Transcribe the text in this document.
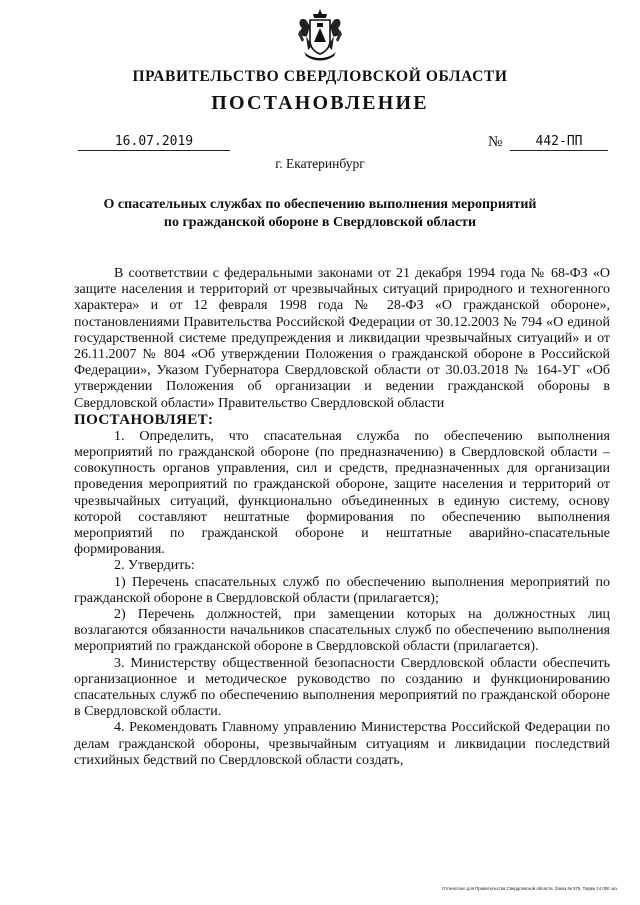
ПРАВИТЕЛЬСТВО СВЕРДЛОВСКОЙ ОБЛАСТИ
ПОСТАНОВЛЕНИЕ
16.07.2019	№	442-ПП
г. Екатеринбург
О спасательных службах по обеспечению выполнения мероприятий
по гражданской обороне в Свердловской области

В соответствии с федеральными законами от 21 декабря 1994 года № 68-ФЗ «О защите населения и территорий от чрезвычайных ситуаций природного и техногенного характера» и от 12 февраля 1998 года № 28-ФЗ «О гражданской обороне», постановлениями Правительства Российской Федерации от 30.12.2003 № 794 «О единой государственной системе предупреждения и ликвидации чрезвычайных ситуаций» и от 26.11.2007 № 804 «Об утверждении Положения о гражданской обороне в Российской Федерации», Указом Губернатора Свердловской области от 30.03.2018 № 164-УГ «Об утверждении Положения об организации и ведении гражданской обороны в Свердловской области» Правительство Свердловской области

ПОСТАНОВЛЯЕТ:

1. Определить, что спасательная служба по обеспечению выполнения мероприятий по гражданской обороне (по предназначению) в Свердловской области – совокупность органов управления, сил и средств, предназначенных для организации проведения мероприятий по гражданской обороне, защите населения и территорий от чрезвычайных ситуаций, функционально объединенных в единую систему, основу которой составляют нештатные формирования по обеспечению выполнения мероприятий по гражданской обороне и нештатные аварийно-спасательные формирования.

2. Утвердить:

1) Перечень спасательных служб по обеспечению выполнения мероприятий по гражданской обороне в Свердловской области (прилагается);

2) Перечень должностей, при замещении которых на должностных лиц возлагаются обязанности начальников спасательных служб по обеспечению выполнения мероприятий по гражданской обороне в Свердловской области (прилагается).

3. Министерству общественной безопасности Свердловской области обеспечить организационное и методическое руководство по созданию и функционированию спасательных служб по обеспечению выполнения мероприятий по гражданской обороне в Свердловской области.

4. Рекомендовать Главному управлению Министерства Российской Федерации по делам гражданской обороны, чрезвычайным ситуациям и ликвидации последствий стихийных бедствий по Свердловской области создать,

Отпечатано для Правительства Свердловской области. Заказ № 575. Тираж 14 000 экз.
